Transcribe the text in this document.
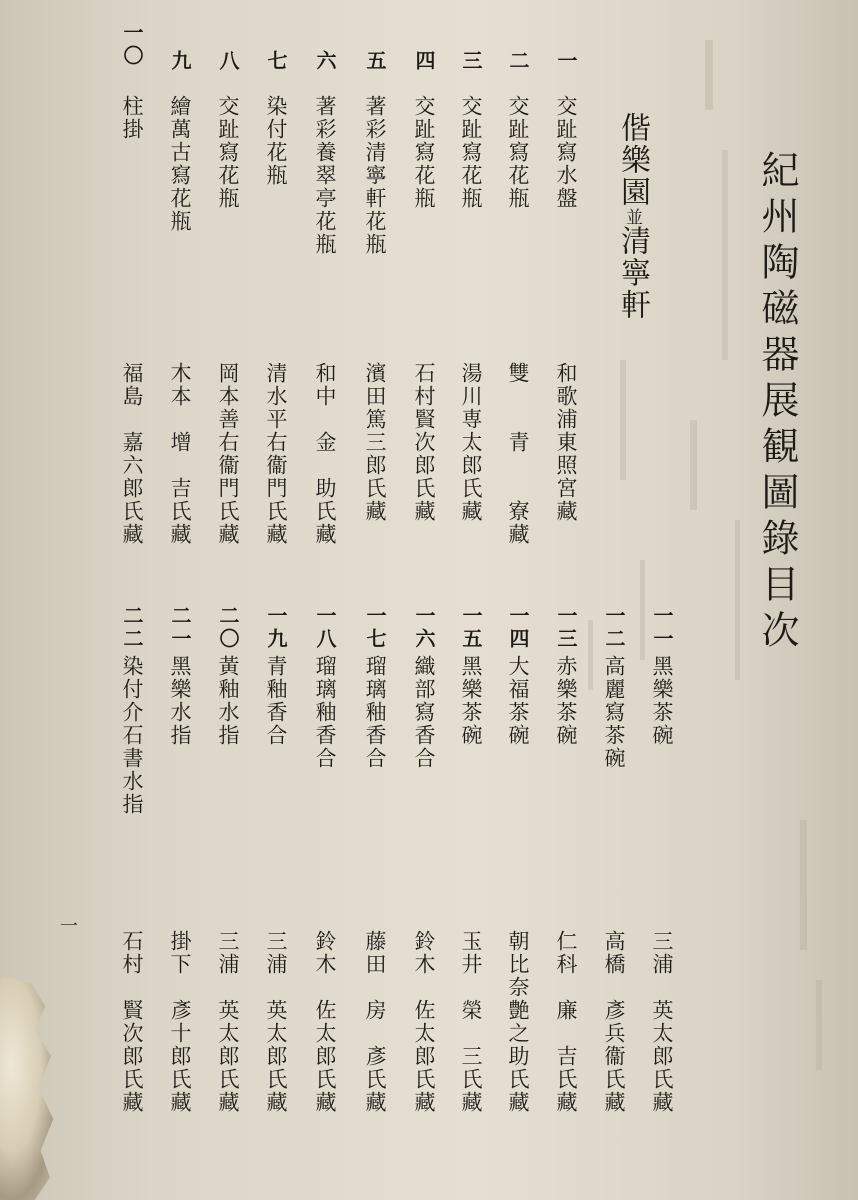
紀州陶磁器展観圖錄目次
偕樂園並清寧軒
一
交趾寫水盤
和歌浦東照宮藏
二
交趾寫花瓶
雙　　青　　寮藏
三
交趾寫花瓶
湯川専太郎氏藏
四
交趾寫花瓶
石村賢次郎氏藏
五
著彩清寧軒花瓶
濱田篤三郎氏藏
六
著彩養翠亭花瓶
和中　金　助氏藏
七
染付花瓶
清水平右衞門氏藏
八
交趾寫花瓶
岡本善右衞門氏藏
九
繪萬古寫花瓶
木本　增　吉氏藏
一〇
柱掛
福島　嘉六郎氏藏
一一
黑樂茶碗
三浦　英太郎氏藏
一二
高麗寫茶碗
高橋　彥兵衞氏藏
一三
赤樂茶碗
仁科　廉　吉氏藏
一四
大福茶碗
朝比奈艶之助氏藏
一五
黑樂茶碗
玉井　榮　三氏藏
一六
織部寫香合
鈴木　佐太郎氏藏
一七
瑠璃釉香合
藤田　房　彥氏藏
一八
瑠璃釉香合
鈴木　佐太郎氏藏
一九
青釉香合
三浦　英太郎氏藏
二〇
黃釉水指
三浦　英太郎氏藏
二一
黑樂水指
掛下　彥十郎氏藏
二二
染付介石書水指
石村　賢次郎氏藏
一
